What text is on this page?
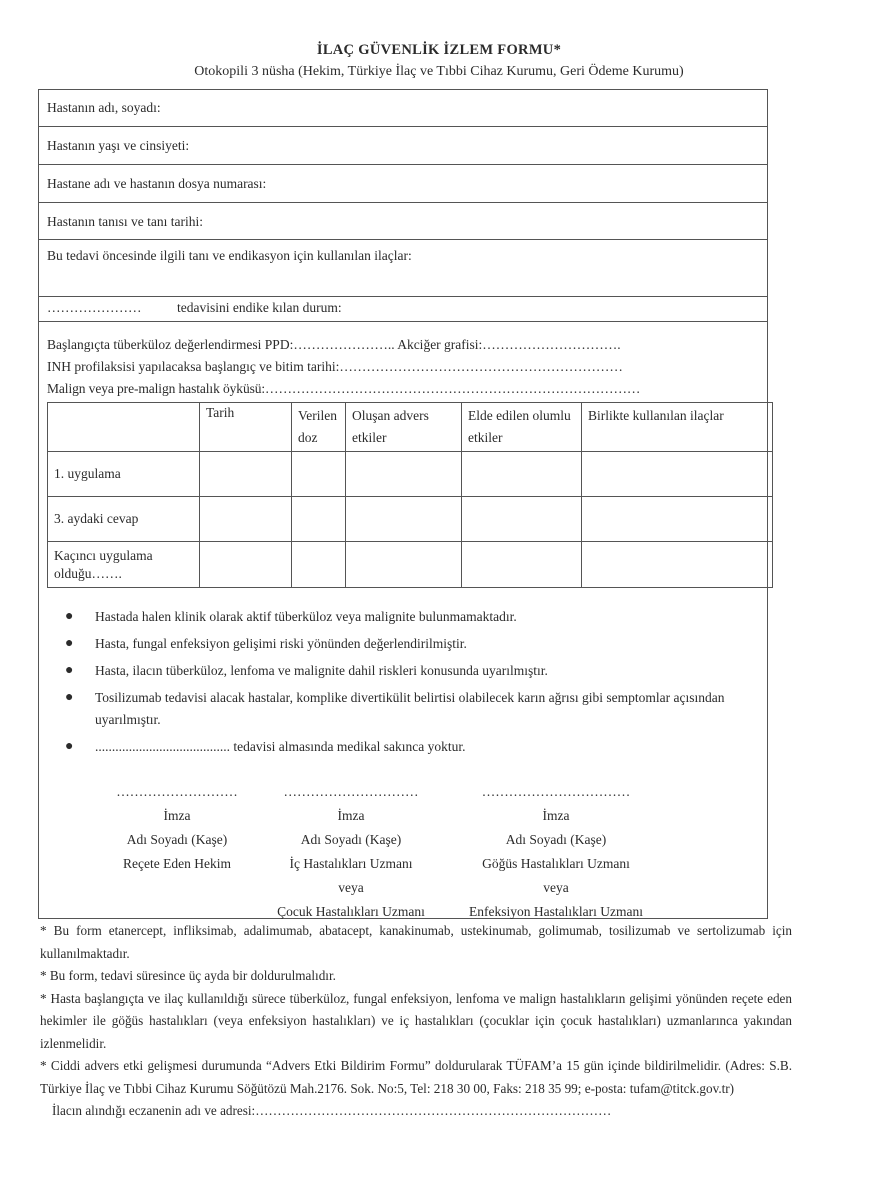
İLAÇ GÜVENLİK İZLEM FORMU*
Otokopili 3 nüsha (Hekim, Türkiye İlaç ve Tıbbi Cihaz Kurumu, Geri Ödeme Kurumu)
Hastanın adı, soyadı:
Hastanın yaşı ve cinsiyeti:
Hastane adı ve hastanın dosya numarası:
Hastanın tanısı ve tanı tarihi:
Bu tedavi öncesinde ilgili tanı ve endikasyon için kullanılan ilaçlar:
…………………	tedavisini endike kılan durum:
Başlangıçta tüberküloz değerlendirmesi PPD:………………….. Akciğer grafisi:………………………….
INH profilaksisi yapılacaksa başlangıç ve bitim tarihi:………………………………………………………
Malign veya pre-malign hastalık öyküsü:…………………………………………………………………………
	Tarih	Verilen doz	Oluşan advers etkiler	Elde edilen olumlu etkiler	Birlikte kullanılan ilaçlar
1. uygulama					
3. aydaki cevap					
Kaçıncı uygulama olduğu…….					
● Hastada halen klinik olarak aktif tüberküloz veya malignite bulunmamaktadır.
● Hasta, fungal enfeksiyon gelişimi riski yönünden değerlendirilmiştir.
● Hasta, ilacın tüberküloz, lenfoma ve malignite dahil riskleri konusunda uyarılmıştır.
● Tosilizumab tedavisi alacak hastalar, komplike divertikülit belirtisi olabilecek karın ağrısı gibi semptomlar açısından uyarılmıştır.
● ........................................ tedavisi almasında medikal sakınca yoktur.
………………………
İmza
Adı Soyadı (Kaşe)
Reçete Eden Hekim
…………………………
İmza
Adı Soyadı (Kaşe)
İç Hastalıkları Uzmanı
veya
Çocuk Hastalıkları Uzmanı
……………………………
İmza
Adı Soyadı (Kaşe)
Göğüs Hastalıkları Uzmanı
veya
Enfeksiyon Hastalıkları Uzmanı

* Bu form etanercept, infliksimab, adalimumab, abatacept, kanakinumab, ustekinumab, golimumab, tosilizumab ve sertolizumab için kullanılmaktadır.

* Bu form, tedavi süresince üç ayda bir doldurulmalıdır.

* Hasta başlangıçta ve ilaç kullanıldığı sürece tüberküloz, fungal enfeksiyon, lenfoma ve malign hastalıkların gelişimi yönünden reçete eden hekimler ile göğüs hastalıkları (veya enfeksiyon hastalıkları) ve iç hastalıkları (çocuklar için çocuk hastalıkları) uzmanlarınca yakından izlenmelidir.

* Ciddi advers etki gelişmesi durumunda “Advers Etki Bildirim Formu” doldurularak TÜFAM’a 15 gün içinde bildirilmelidir. (Adres: S.B. Türkiye İlaç ve Tıbbi Cihaz Kurumu Söğütözü Mah.2176. Sok. No:5, Tel: 218 30 00, Faks: 218 35 99; e-posta: tufam@titck.gov.tr)

İlacın alındığı eczanenin adı ve adresi:………………………………………………………………………
